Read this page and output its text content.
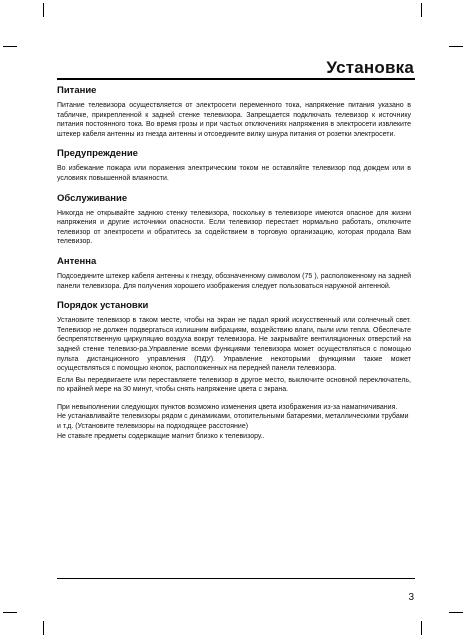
Установка
Питание
Питание телевизора осуществляется от электросети переменного тока, напряжение питания указано в табличке, прикрепленной к задней стенке телевизора. Запрещается подключать телевизор к источнику питания постоянного тока. Во время грозы и при частых отключениях напряжения в электросети извлеките штекер кабеля антенны из гнезда антенны и отсоедините вилку шнура питания от розетки электросети.
Предупреждение
Во избежание пожара или поражения электрическим током не оставляйте телевизор под дождем или в условиях повышенной влажности.
Обслуживание
Никогда не открывайте заднюю стенку телевизора, поскольку в телевизоре имеются опасное для жизни напряжения и другие источники опасности. Если телевизор перестает нормально работать, отключите телевизор от электросети и обратитесь за содействием в торговую организацию, которая продала Вам телевизор.
Антенна
Подсоедините штекер кабеля антенны к гнезду, обозначенному символом (75 ), расположенному на задней панели телевизора. Для получения хорошего изображения следует пользоваться наружной антенной.
Порядок установки
Установите телевизор в таком месте, чтобы на экран не падал яркий искусственный или солнечный свет. Телевизор не должен подвергаться излишним вибрациям, воздействию влаги, пыли или тепла. Обеспечьте беспрепятственную циркуляцию воздуха вокруг телевизора. Не закрывайте вентиляционных отверстий на задней стенке телевизо-ра.Управление всеми функциями телевизора может осуществляться с помощью пульта дистанционного управления (ПДУ). Управление некоторыми функциями также может осуществляться с помощью кнопок, расположенных на передней панели телевизора.
Если Вы передвигаете или переставляете телевизор в другое место, выключите основной переключатель, по крайней мере на 30 минут, чтобы снять напряжение цвета с экрана.
При невыполнении следующих пунктов возможно изменения цвета изображения из-за намагничивания.
Не устанавливайте телевизоры рядом с динамиками, отопительными батареями, металлическими трубами и т.д. (Установите телевизоры на подходящее расстояние)
Не ставьте предметы содержащие магнит близко к телевизору..
3
